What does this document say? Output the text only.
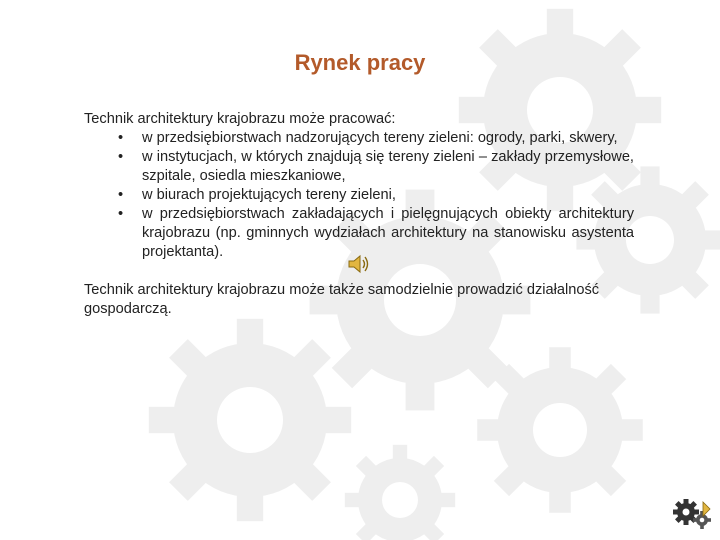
Rynek pracy

Technik architektury krajobrazu może pracować:

• w przedsiębiorstwach nadzorujących tereny zieleni: ogrody, parki, skwery,
• w instytucjach, w których znajdują się tereny zieleni – zakłady przemysłowe, szpitale, osiedla mieszkaniowe,
• w biurach projektujących tereny zieleni,
• w przedsiębiorstwach zakładających i pielęgnujących obiekty architektury krajobrazu (np. gminnych wydziałach architektury na stanowisku asystenta projektanta).

Technik architektury krajobrazu może także samodzielnie prowadzić działalność gospodarczą.
